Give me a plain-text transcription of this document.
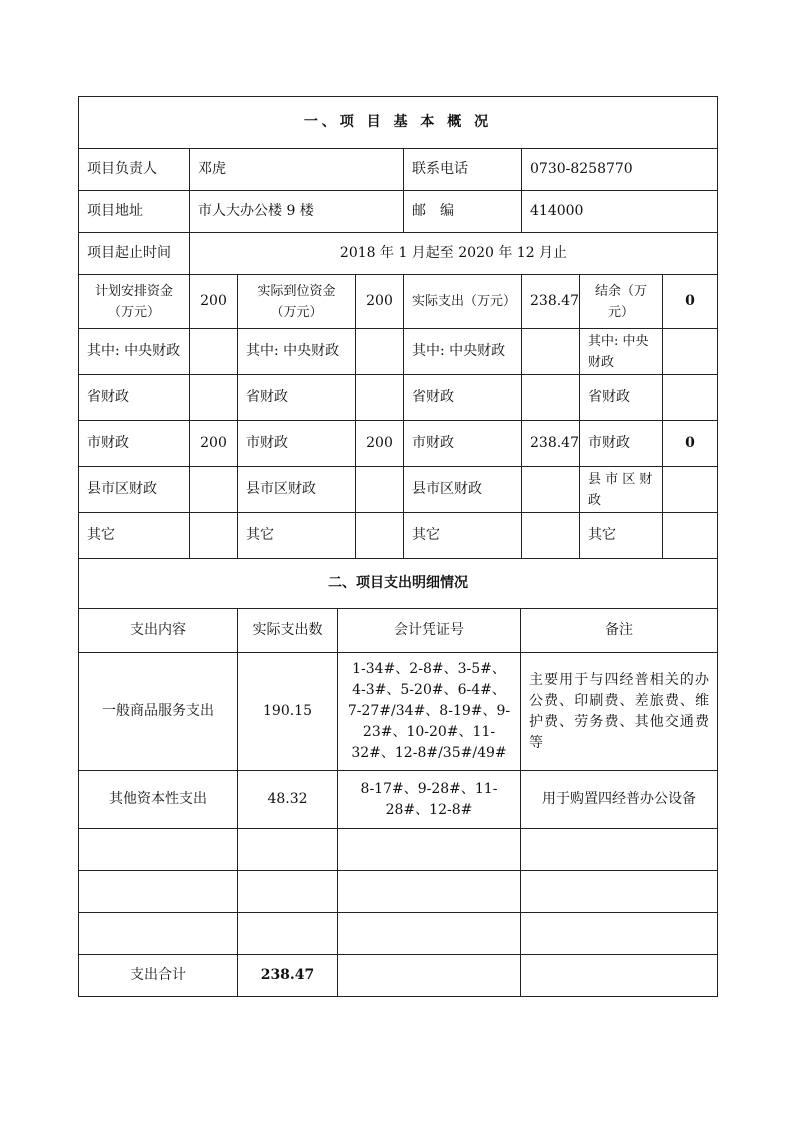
一、项 目 基 本 概 况							
项目负责人	邓虎			联系电话	0730-8258770		
项目地址	市人大办公楼 9 楼			邮　编	414000		
项目起止时间	2018 年 1 月起至 2020 年 12 月止						
计划安排资金（万元）	200	实际到位资金（万元）	200	实际支出（万元）	238.47	结余（万元）	0
其中: 中央财政		其中: 中央财政		其中: 中央财政		其中: 中央财政	
省财政		省财政		省财政		省财政	
市财政	200	市财政	200	市财政	238.47	市财政	0
县市区财政		县市区财政		县市区财政		县 市 区 财 政	
其它		其它		其它		其它	
二、项目支出明细情况			
支出内容	实际支出数	会计凭证号	备注
一般商品服务支出	190.15	1-34#、2-8#、3-5#、4-3#、5-20#、6-4#、7-27#/34#、8-19#、9-23#、10-20#、11-32#、12-8#/35#/49#	主要用于与四经普相关的办公费、印刷费、差旅费、维护费、劳务费、其他交通费等
其他资本性支出	48.32	8-17#、9-28#、11-28#、12-8#	用于购置四经普办公设备

支出合计	238.47		
